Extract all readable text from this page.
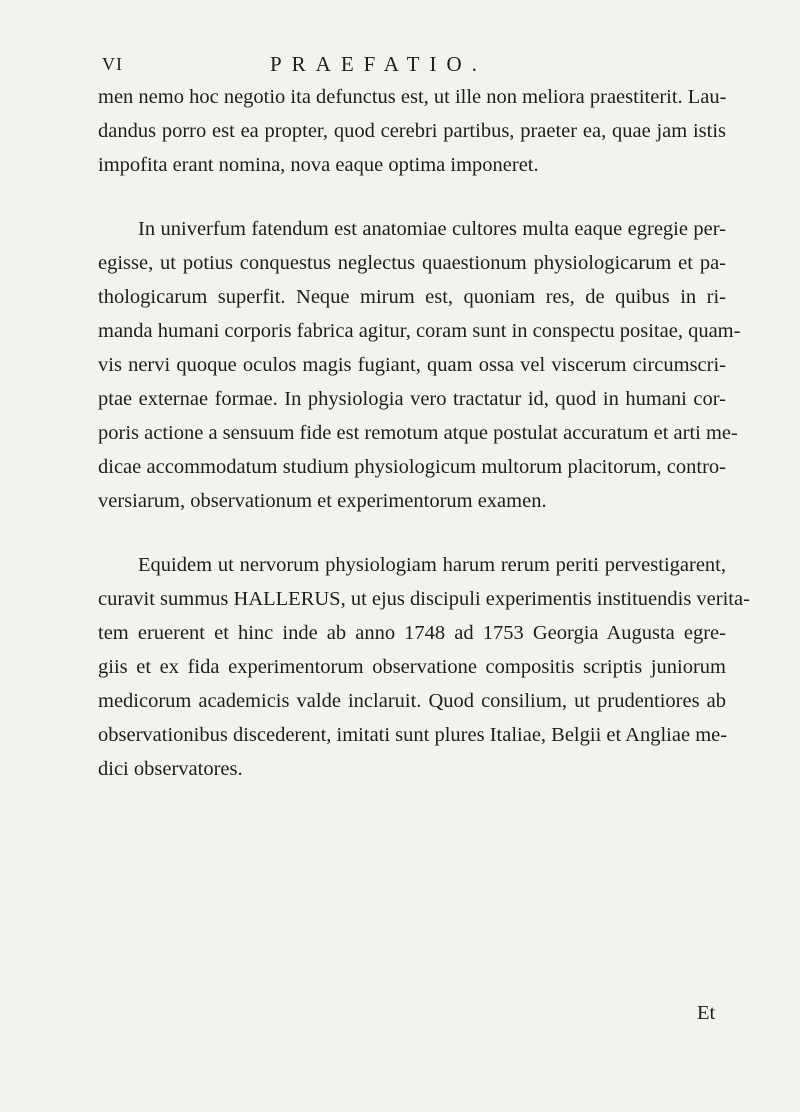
VI	PRAEFATIO.
men nemo hoc negotio ita defunctus est, ut ille non meliora praestiterit. Lau-
dandus porro est ea propter, quod cerebri partibus, praeter ea, quae jam istis
impofita erant nomina, nova eaque optima imponeret.
In univerfum fatendum est anatomiae cultores multa eaque egregie per-
egisse, ut potius conquestus neglectus quaestionum physiologicarum et pa-
thologicarum superfit. Neque mirum est, quoniam res, de quibus in ri-
manda humani corporis fabrica agitur, coram sunt in conspectu positae, quam-
vis nervi quoque oculos magis fugiant, quam ossa vel viscerum circumscri-
ptae externae formae. In physiologia vero tractatur id, quod in humani cor-
poris actione a sensuum fide est remotum atque postulat accuratum et arti me-
dicae accommodatum studium physiologicum multorum placitorum, contro-
versiarum, observationum et experimentorum examen.
Equidem ut nervorum physiologiam harum rerum periti pervestigarent,
curavit summus HALLERUS, ut ejus discipuli experimentis instituendis verita-
tem eruerent et hinc inde ab anno 1748 ad 1753 Georgia Augusta egre-
giis et ex fida experimentorum observatione compositis scriptis juniorum
medicorum academicis valde inclaruit. Quod consilium, ut prudentiores ab
observationibus discederent, imitati sunt plures Italiae, Belgii et Angliae me-
dici observatores.
Et
